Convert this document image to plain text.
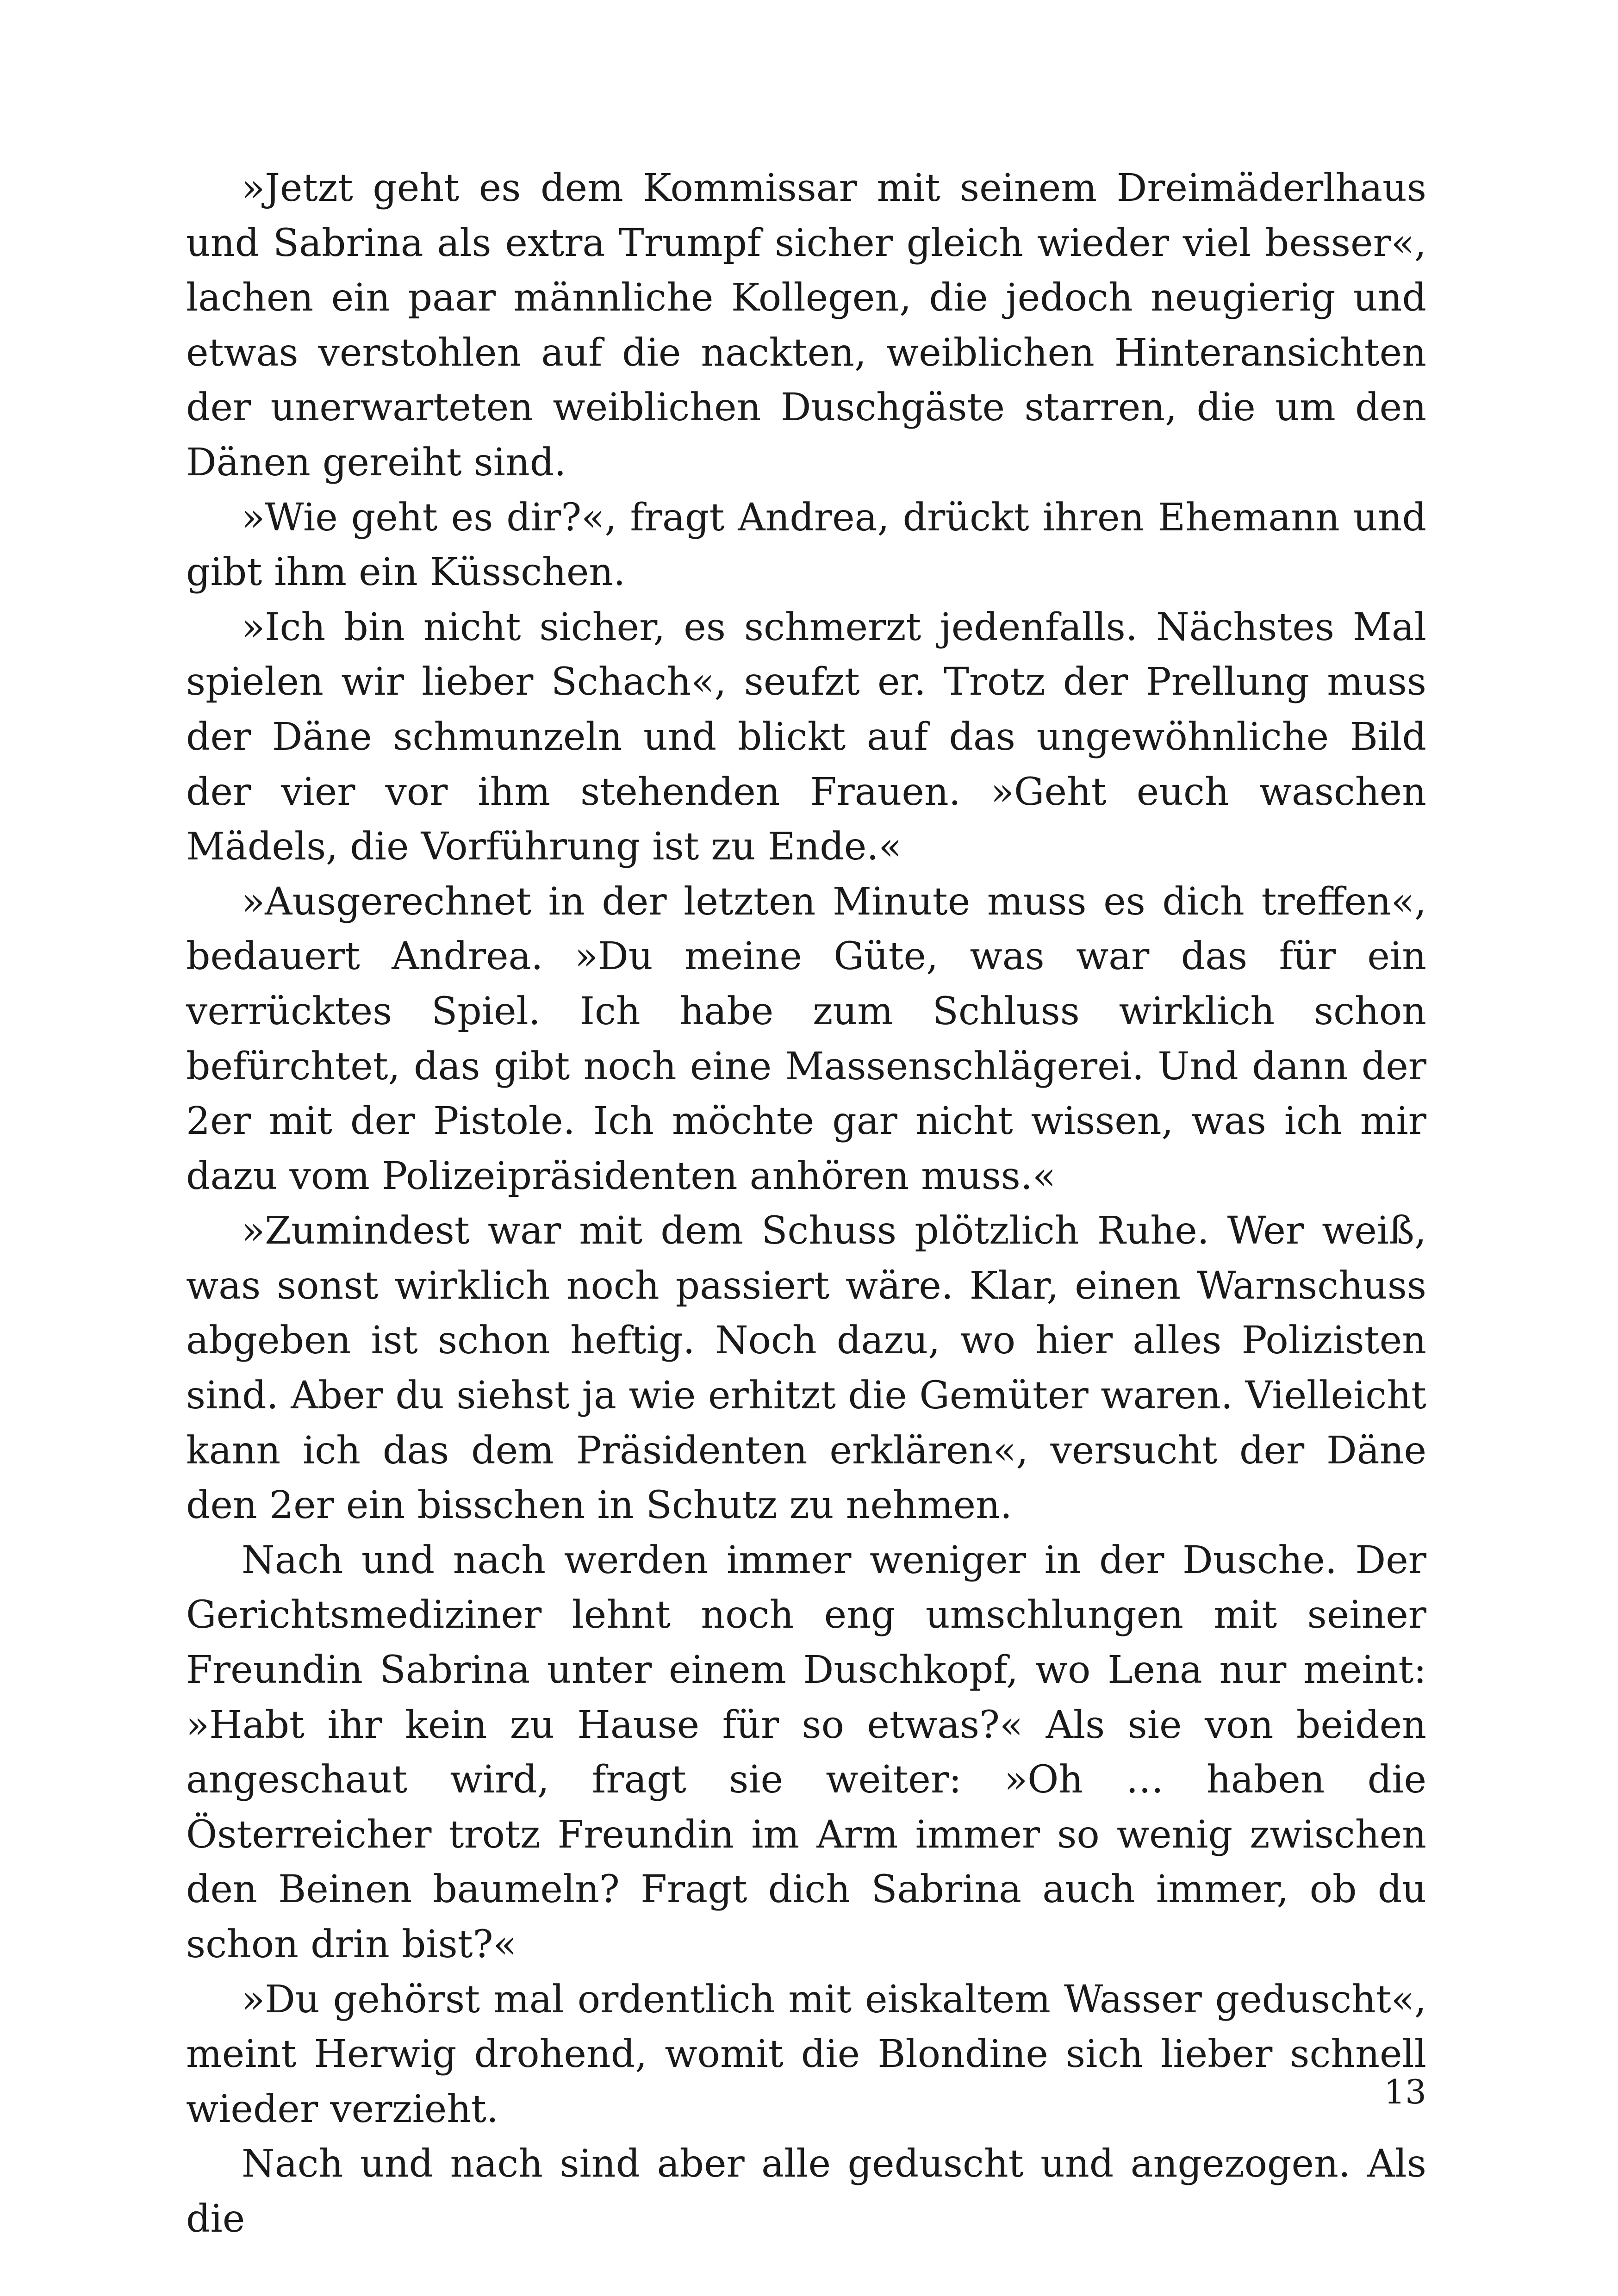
»Jetzt geht es dem Kommissar mit seinem Dreimäderlhaus und Sabrina als extra Trumpf sicher gleich wieder viel besser«, lachen ein paar männliche Kollegen, die jedoch neugierig und etwas verstohlen auf die nackten, weiblichen Hinteransichten der unerwarteten weiblichen Duschgäste starren, die um den Dänen gereiht sind.

»Wie geht es dir?«, fragt Andrea, drückt ihren Ehemann und gibt ihm ein Küsschen.

»Ich bin nicht sicher, es schmerzt jedenfalls. Nächstes Mal spielen wir lieber Schach«, seufzt er. Trotz der Prellung muss der Däne schmunzeln und blickt auf das ungewöhnliche Bild der vier vor ihm stehenden Frauen. »Geht euch waschen Mädels, die Vorführung ist zu Ende.«

»Ausgerechnet in der letzten Minute muss es dich treffen«, bedauert Andrea. »Du meine Güte, was war das für ein verrücktes Spiel. Ich habe zum Schluss wirklich schon befürchtet, das gibt noch eine Massenschlägerei. Und dann der 2er mit der Pistole. Ich möchte gar nicht wissen, was ich mir dazu vom Polizeipräsidenten anhören muss.«

»Zumindest war mit dem Schuss plötzlich Ruhe. Wer weiß, was sonst wirklich noch passiert wäre. Klar, einen Warnschuss abgeben ist schon heftig. Noch dazu, wo hier alles Polizisten sind. Aber du siehst ja wie erhitzt die Gemüter waren. Vielleicht kann ich das dem Präsidenten erklären«, versucht der Däne den 2er ein bisschen in Schutz zu nehmen.

Nach und nach werden immer weniger in der Dusche. Der Gerichtsmediziner lehnt noch eng umschlungen mit seiner Freundin Sabrina unter einem Duschkopf, wo Lena nur meint: »Habt ihr kein zu Hause für so etwas?« Als sie von beiden angeschaut wird, fragt sie weiter: »Oh … haben die Österreicher trotz Freundin im Arm immer so wenig zwischen den Beinen baumeln? Fragt dich Sabrina auch immer, ob du schon drin bist?«

»Du gehörst mal ordentlich mit eiskaltem Wasser geduscht«, meint Herwig drohend, womit die Blondine sich lieber schnell wieder verzieht.

Nach und nach sind aber alle geduscht und angezogen. Als die

13
